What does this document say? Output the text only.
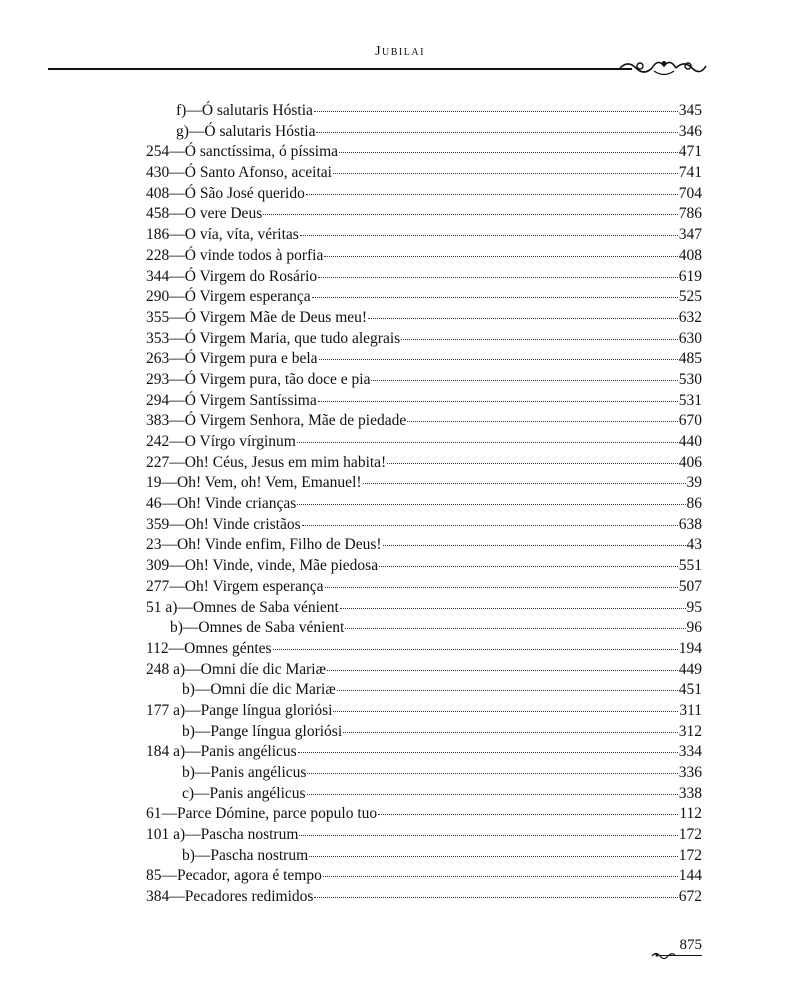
Jubilai
f)—Ó salutaris Hóstia	345
g)—Ó salutaris Hóstia	346
254—Ó sanctíssima, ó píssima	471
430—Ó Santo Afonso, aceitai	741
408—Ó São José querido	704
458—O vere Deus	786
186—O vía, víta, véritas	347
228—Ó vinde todos à porfia	408
344—Ó Virgem do Rosário	619
290—Ó Virgem esperança	525
355—Ó Virgem Mãe de Deus meu!	632
353—Ó Virgem Maria, que tudo alegrais	630
263—Ó Virgem pura e bela	485
293—Ó Virgem pura, tão doce e pia	530
294—Ó Virgem Santíssima	531
383—Ó Virgem Senhora, Mãe de piedade	670
242—O Vírgo vírginum	440
227—Oh! Céus, Jesus em mim habita!	406
19—Oh! Vem, oh! Vem, Emanuel!	39
46—Oh! Vinde crianças	86
359—Oh! Vinde cristãos	638
23—Oh! Vinde enfim, Filho de Deus!	43
309—Oh! Vinde, vinde, Mãe piedosa	551
277—Oh! Virgem esperança	507
51 a)—Omnes de Saba vénient	95
b)—Omnes de Saba vénient	96
112—Omnes géntes	194
248 a)—Omni díe dic Mariæ	449
b)—Omni díe dic Mariæ	451
177 a)—Pange língua gloriósi	311
b)—Pange língua gloriósi	312
184 a)—Panis angélicus	334
b)—Panis angélicus	336
c)—Panis angélicus	338
61—Parce Dómine, parce populo tuo	112
101 a)—Pascha nostrum	172
b)—Pascha nostrum	172
85—Pecador, agora é tempo	144
384—Pecadores redimidos	672
875
